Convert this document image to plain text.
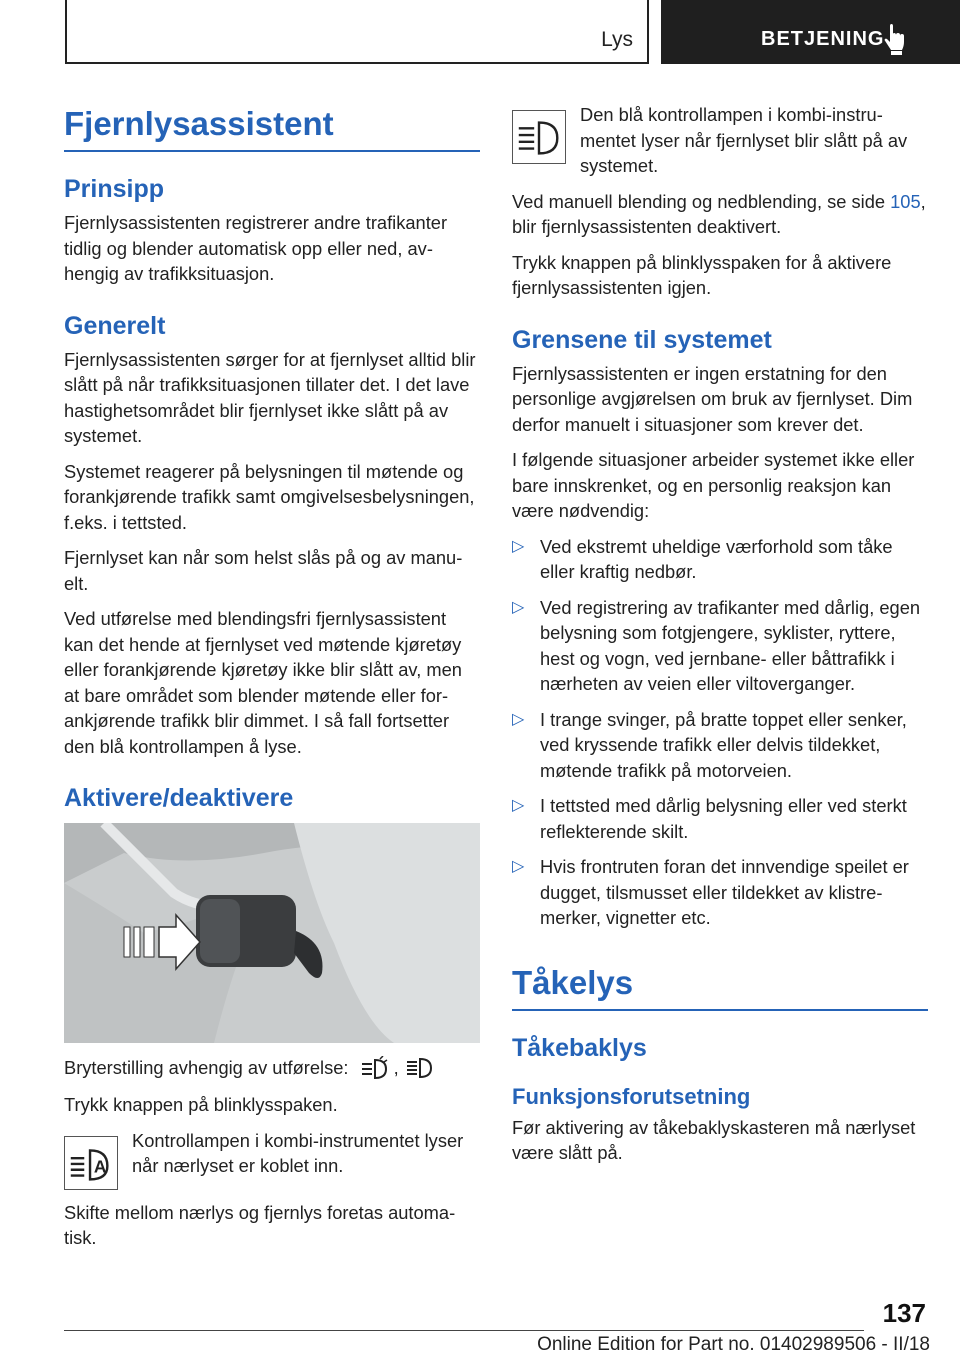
Lys	BETJENING
Fjernlysassistent
Prinsipp

Fjernlysassistenten registrerer andre trafikanter tidlig og blender automatisk opp eller ned, avhengig av trafikksituasjon.

Generelt

Fjernlysassistenten sørger for at fjernlyset alltid blir slått på når trafikksituasjonen tillater det. I det lave hastighetsområdet blir fjernlyset ikke slått på av systemet.

Systemet reagerer på belysningen til møtende og forankjørende trafikk samt omgivelsesbelysningen, f.eks. i tettsted.

Fjernlyset kan når som helst slås på og av manuelt.

Ved utførelse med blendingsfri fjernlysassistent kan det hende at fjernlyset ved møtende kjøretøy eller forankjørende kjøretøy ikke blir slått av, men at bare området som blender møtende eller forankjørende trafikk blir dimmet. I så fall fortsetter den blå kontrollampen å lyse.

Aktivere/deaktivere

Bryterstilling avhengig av utførelse: ,

Trykk knappen på blinklysspaken.

A

Kontrollampen i kombi-instrumentet lyser når nærlyset er koblet inn.

Skifte mellom nærlys og fjernlys foretas automatisk.

Den blå kontrollampen i kombi-instrumentet lyser når fjernlyset blir slått på av systemet.

Ved manuell blending og nedblending, se side 105, blir fjernlysassistenten deaktivert.

Trykk knappen på blinklysspaken for å aktivere fjernlysassistenten igjen.

Grensene til systemet

Fjernlysassistenten er ingen erstatning for den personlige avgjørelsen om bruk av fjernlyset. Dim derfor manuelt i situasjoner som krever det.

I følgende situasjoner arbeider systemet ikke eller bare innskrenket, og en personlig reaksjon kan være nødvendig:

▷ Ved ekstremt uheldige værforhold som tåke eller kraftig nedbør.

▷ Ved registrering av trafikanter med dårlig, egen belysning som fotgjengere, syklister, ryttere, hest og vogn, ved jernbane- eller båttrafikk i nærheten av veien eller viltoverganger.

▷ I trange svinger, på bratte toppet eller senker, ved kryssende trafikk eller delvis tildekket, møtende trafikk på motorveien.

▷ I tettsted med dårlig belysning eller ved sterkt reflekterende skilt.

▷ Hvis frontruten foran det innvendige speilet er dugget, tilsmusset eller tildekket av klistremerker, vignetter etc.

Tåkelys
Tåkebaklys
Funksjonsforutsetning

Før aktivering av tåkebaklyskasteren må nærlyset være slått på.

137
Online Edition for Part no. 01402989506 - II/18
